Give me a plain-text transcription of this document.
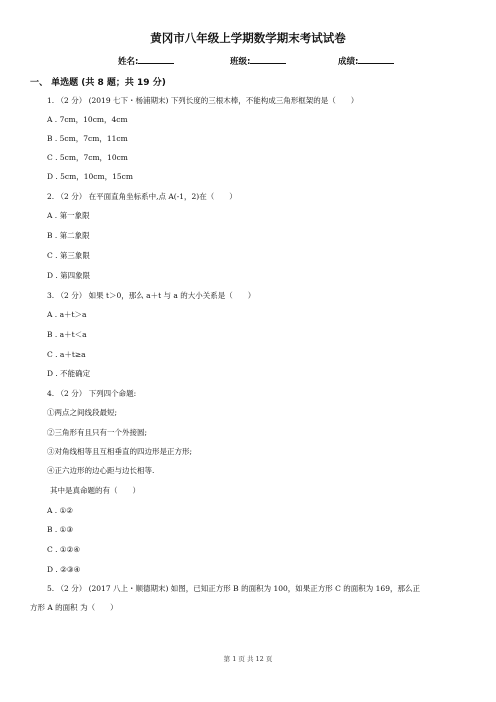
黄冈市八年级上学期数学期末考试试卷
姓名:	班级:	成绩:
一、 单选题 (共 8 题；共 19 分)
1. （2 分） (2019 七下・杨浦期末) 下列长度的三根木棒，不能构成三角形框架的是（　　）
A . 7cm，10cm，4cm
B . 5cm，7cm，11cm
C . 5cm，7cm，10cm
D . 5cm，10cm，15cm
2. （2 分） 在平面直角坐标系中,点 A(-1，2)在（　　）
A . 第一象限
B . 第二象限
C . 第三象限
D . 第四象限
3. （2 分） 如果 t＞0，那么 a＋t 与 a 的大小关系是（　　）
A . a＋t＞a
B . a＋t＜a
C . a＋t≥a
D . 不能确定
4. （2 分） 下列四个命题:
①两点之间线段最短;
②三角形有且只有一个外接圆;
③对角线相等且互相垂直的四边形是正方形;
④正六边形的边心距与边长相等.
其中是真命题的有（　　）
A . ①②
B . ①③
C . ①②④
D . ②③④
5. （2 分） (2017 八上・顺德期末) 如图，已知正方形 B 的面积为 100，如果正方形 C 的面积为 169，那么正
方形 A 的面积 为（　　）
第 1 页 共 12 页
